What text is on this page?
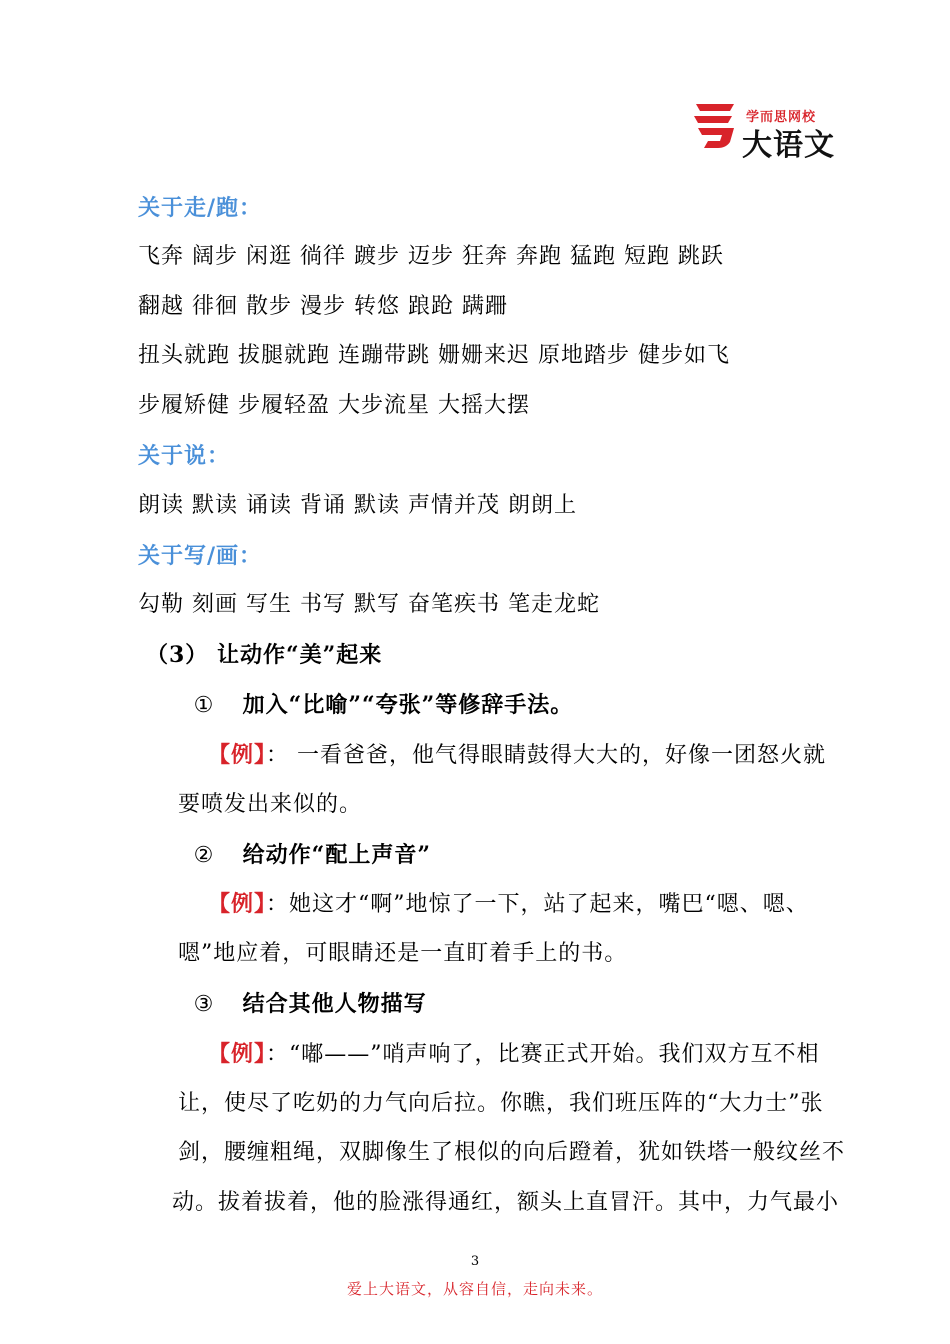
学而思网校
大语文
关于走/跑：
飞奔 阔步 闲逛 徜徉 踱步 迈步 狂奔 奔跑 猛跑 短跑 跳跃
翻越 徘徊 散步 漫步 转悠 踉跄 蹒跚
扭头就跑 拔腿就跑 连蹦带跳 姗姗来迟 原地踏步 健步如飞
步履矫健 步履轻盈 大步流星 大摇大摆
关于说：
朗读 默读 诵读 背诵 默读 声情并茂 朗朗上
关于写/画：
勾勒 刻画 写生 书写 默写 奋笔疾书 笔走龙蛇
（3） 让动作“美”起来
① 加入“比喻”“夸张”等修辞手法。
【例】： 一看爸爸，他气得眼睛鼓得大大的，好像一团怒火就
要喷发出来似的。
② 给动作“配上声音”
【例】：她这才“啊”地惊了一下，站了起来，嘴巴“嗯、嗯、
嗯”地应着，可眼睛还是一直盯着手上的书。
③ 结合其他人物描写
【例】：“嘟——”哨声响了，比赛正式开始。我们双方互不相
让，使尽了吃奶的力气向后拉。你瞧，我们班压阵的“大力士”张
剑，腰缠粗绳，双脚像生了根似的向后蹬着，犹如铁塔一般纹丝不
动。拔着拔着，他的脸涨得通红，额头上直冒汗。其中，力气最小
3
爱上大语文，从容自信，走向未来。
